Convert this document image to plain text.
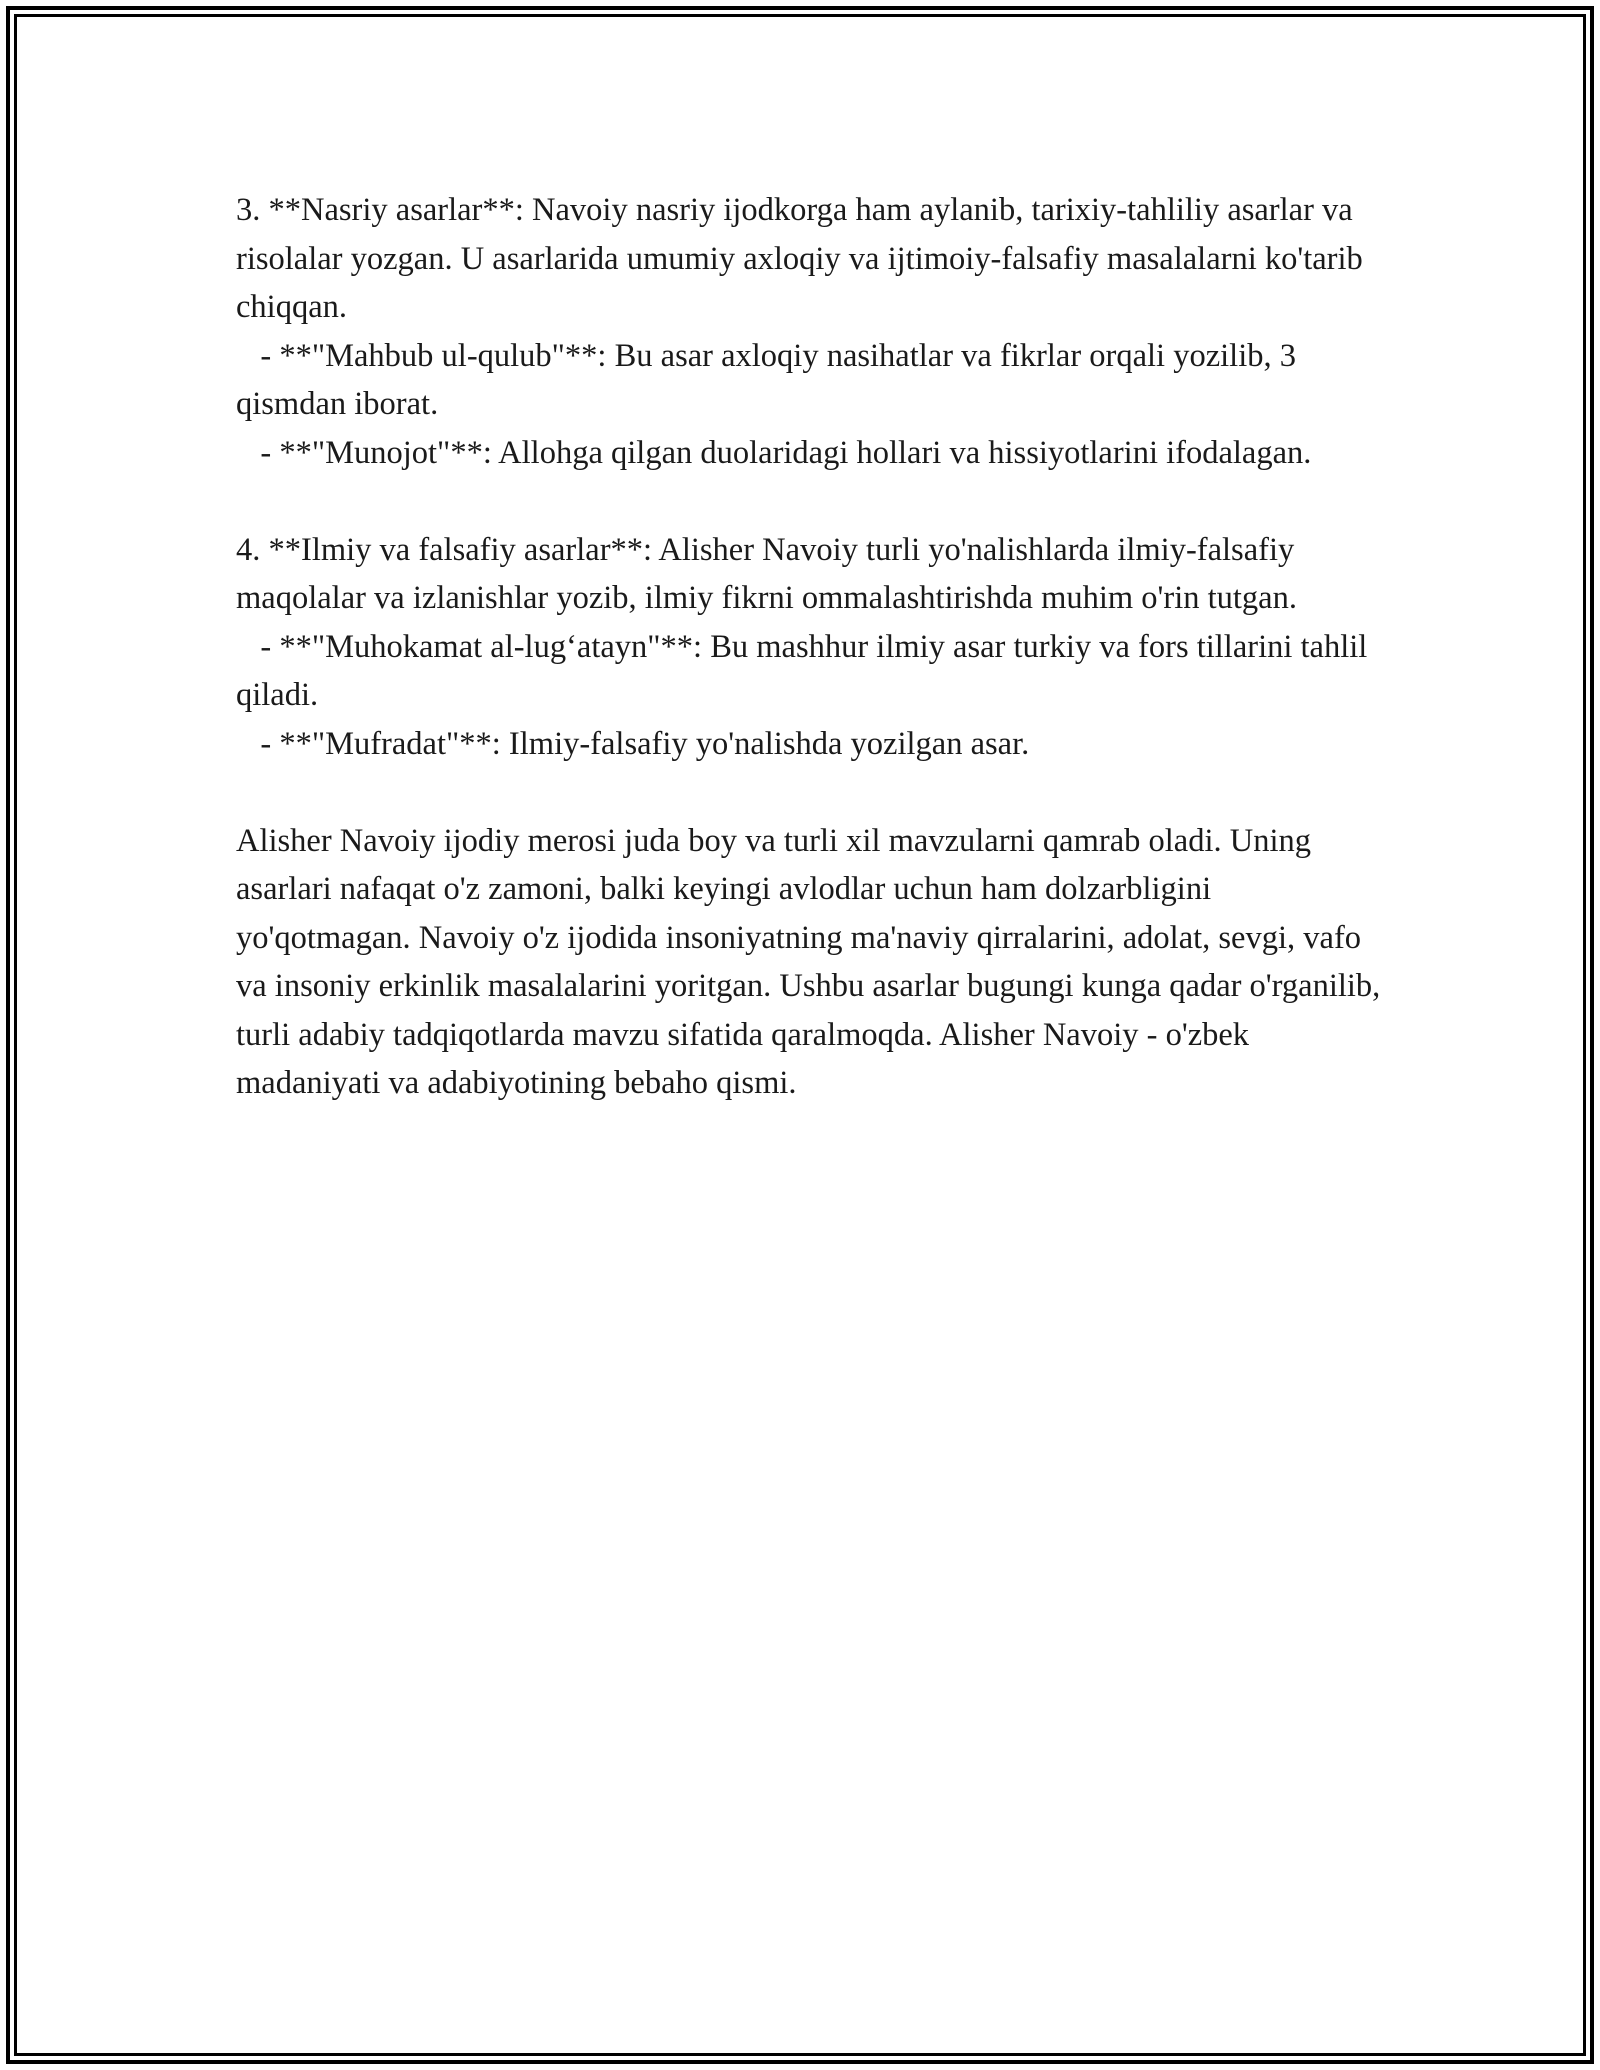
3. **Nasriy asarlar**: Navoiy nasriy ijodkorga ham aylanib, tarixiy-tahliliy asarlar va risolalar yozgan. U asarlarida umumiy axloqiy va ijtimoiy-falsafiy masalalarni ko'tarib chiqqan.
- **"Mahbub ul-qulub"**: Bu asar axloqiy nasihatlar va fikrlar orqali yozilib, 3 qismdan iborat.
- **"Munojot"**: Allohga qilgan duolaridagi hollari va hissiyotlarini ifodalagan.

4. **Ilmiy va falsafiy asarlar**: Alisher Navoiy turli yo'nalishlarda ilmiy-falsafiy maqolalar va izlanishlar yozib, ilmiy fikrni ommalashtirishda muhim o'rin tutgan.
- **"Muhokamat al-lug‘atayn"**: Bu mashhur ilmiy asar turkiy va fors tillarini tahlil qiladi.
- **"Mufradat"**: Ilmiy-falsafiy yo'nalishda yozilgan asar.

Alisher Navoiy ijodiy merosi juda boy va turli xil mavzularni qamrab oladi. Uning asarlari nafaqat o'z zamoni, balki keyingi avlodlar uchun ham dolzarbligini yo'qotmagan. Navoiy o'z ijodida insoniyatning ma'naviy qirralarini, adolat, sevgi, vafo va insoniy erkinlik masalalarini yoritgan. Ushbu asarlar bugungi kunga qadar o'rganilib, turli adabiy tadqiqotlarda mavzu sifatida qaralmoqda. Alisher Navoiy - o'zbek madaniyati va adabiyotining bebaho qismi.
